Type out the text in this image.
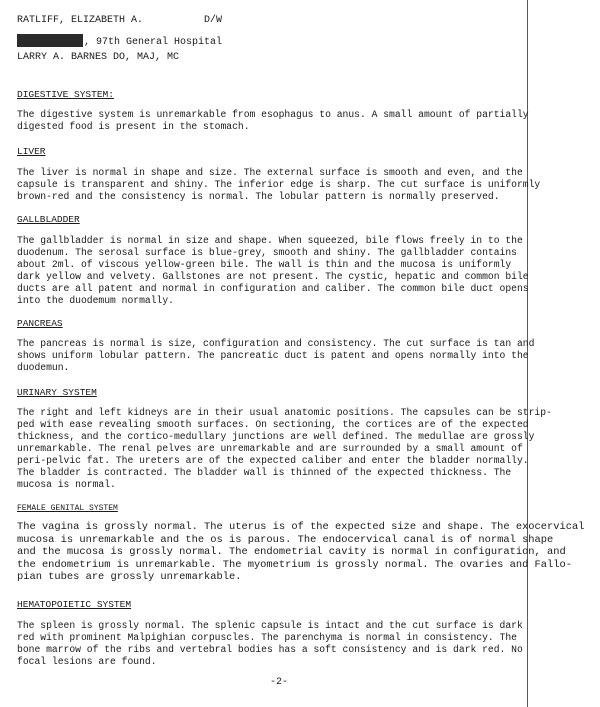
RATLIFF, ELIZABETH A.	D/W
, 97th General Hospital
LARRY A. BARNES DO, MAJ, MC
DIGESTIVE SYSTEM:
The digestive system is unremarkable from esophagus to anus. A small amount of partially
digested food is present in the stomach.
LIVER
The liver is normal in shape and size. The external surface is smooth and even, and the
capsule is transparent and shiny. The inferior edge is sharp. The cut surface is uniformly
brown-red and the consistency is normal. The lobular pattern is normally preserved.
GALLBLADDER
The gallbladder is normal in size and shape. When squeezed, bile flows freely in to the
duodenum. The serosal surface is blue-grey, smooth and shiny. The gallbladder contains
about 2ml. of viscous yellow-green bile. The wall is thin and the mucosa is uniformly
dark yellow and velvety. Gallstones are not present. The cystic, hepatic and common bile
ducts are all patent and normal in configuration and caliber. The common bile duct opens
into the duodemum normally.
PANCREAS
The pancreas is normal is size, configuration and consistency. The cut surface is tan and
shows uniform lobular pattern. The pancreatic duct is patent and opens normally into the
duodemun.
URINARY SYSTEM
The right and left kidneys are in their usual anatomic positions. The capsules can be strip-
ped with ease revealing smooth surfaces. On sectioning, the cortices are of the expected
thickness, and the cortico-medullary junctions are well defined. The medullae are grossly
unremarkable. The renal pelves are unremarkable and are surrounded by a small amount of
peri-pelvic fat. The ureters are of the expected caliber and enter the bladder normally.
The bladder is contracted. The bladder wall is thinned of the expected thickness. The
mucosa is normal.
FEMALE GENITAL SYSTEM
The vagina is grossly normal. The uterus is of the expected size and shape. The exocervical
mucosa is unremarkable and the os is parous. The endocervical canal is of normal shape
and the mucosa is grossly normal. The endometrial cavity is normal in configuration, and
the endometrium is unremarkable. The myometrium is grossly normal. The ovaries and Fallo-
pian tubes are grossly unremarkable.
HEMATOPOIETIC SYSTEM
The spleen is grossly normal. The splenic capsule is intact and the cut surface is dark
red with prominent Malpighian corpuscles. The parenchyma is normal in consistency. The
bone marrow of the ribs and vertebral bodies has a soft consistency and is dark red. No
focal lesions are found.
-2-
